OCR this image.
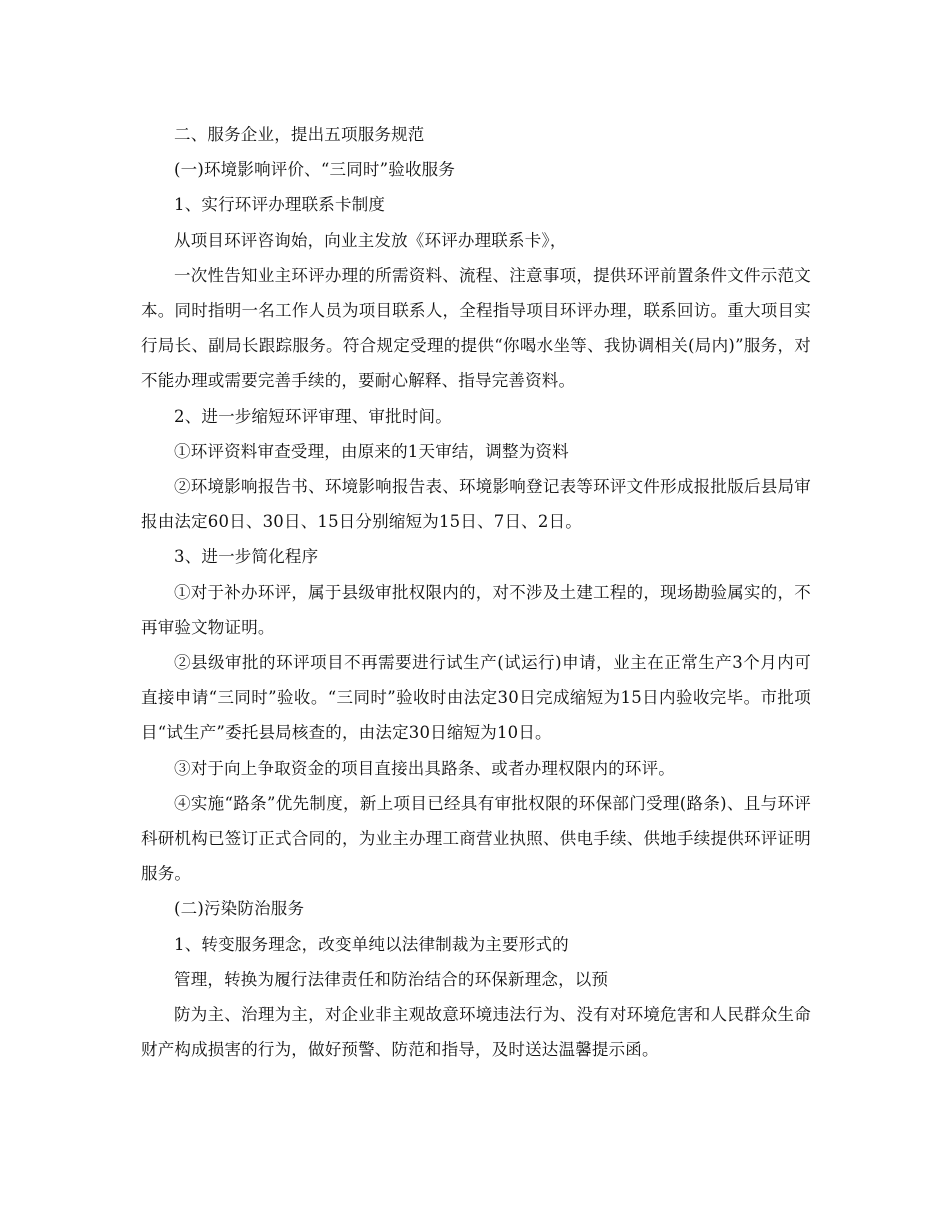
二、服务企业，提出五项服务规范

(一)环境影响评价、“三同时”验收服务

1、实行环评办理联系卡制度

从项目环评咨询始，向业主发放《环评办理联系卡》，

一次性告知业主环评办理的所需资料、流程、注意事项，提供环评前置条件文件示范文本。同时指明一名工作人员为项目联系人，全程指导项目环评办理，联系回访。重大项目实行局长、副局长跟踪服务。符合规定受理的提供“你喝水坐等、我协调相关(局内)”服务，对不能办理或需要完善手续的，要耐心解释、指导完善资料。

2、进一步缩短环评审理、审批时间。

①环评资料审查受理，由原来的1天审结，调整为资料

②环境影响报告书、环境影响报告表、环境影响登记表等环评文件形成报批版后县局审报由法定60日、30日、15日分别缩短为15日、7日、2日。

3、进一步简化程序

①对于补办环评，属于县级审批权限内的，对不涉及土建工程的，现场勘验属实的，不再审验文物证明。

②县级审批的环评项目不再需要进行试生产(试运行)申请，业主在正常生产3个月内可直接申请“三同时”验收。“三同时”验收时由法定30日完成缩短为15日内验收完毕。市批项目“试生产”委托县局核查的，由法定30日缩短为10日。

③对于向上争取资金的项目直接出具路条、或者办理权限内的环评。

④实施“路条”优先制度，新上项目已经具有审批权限的环保部门受理(路条)、且与环评科研机构已签订正式合同的，为业主办理工商营业执照、供电手续、供地手续提供环评证明服务。

(二)污染防治服务

1、转变服务理念，改变单纯以法律制裁为主要形式的

管理，转换为履行法律责任和防治结合的环保新理念，以预

防为主、治理为主，对企业非主观故意环境违法行为、没有对环境危害和人民群众生命财产构成损害的行为，做好预警、防范和指导，及时送达温馨提示函。
